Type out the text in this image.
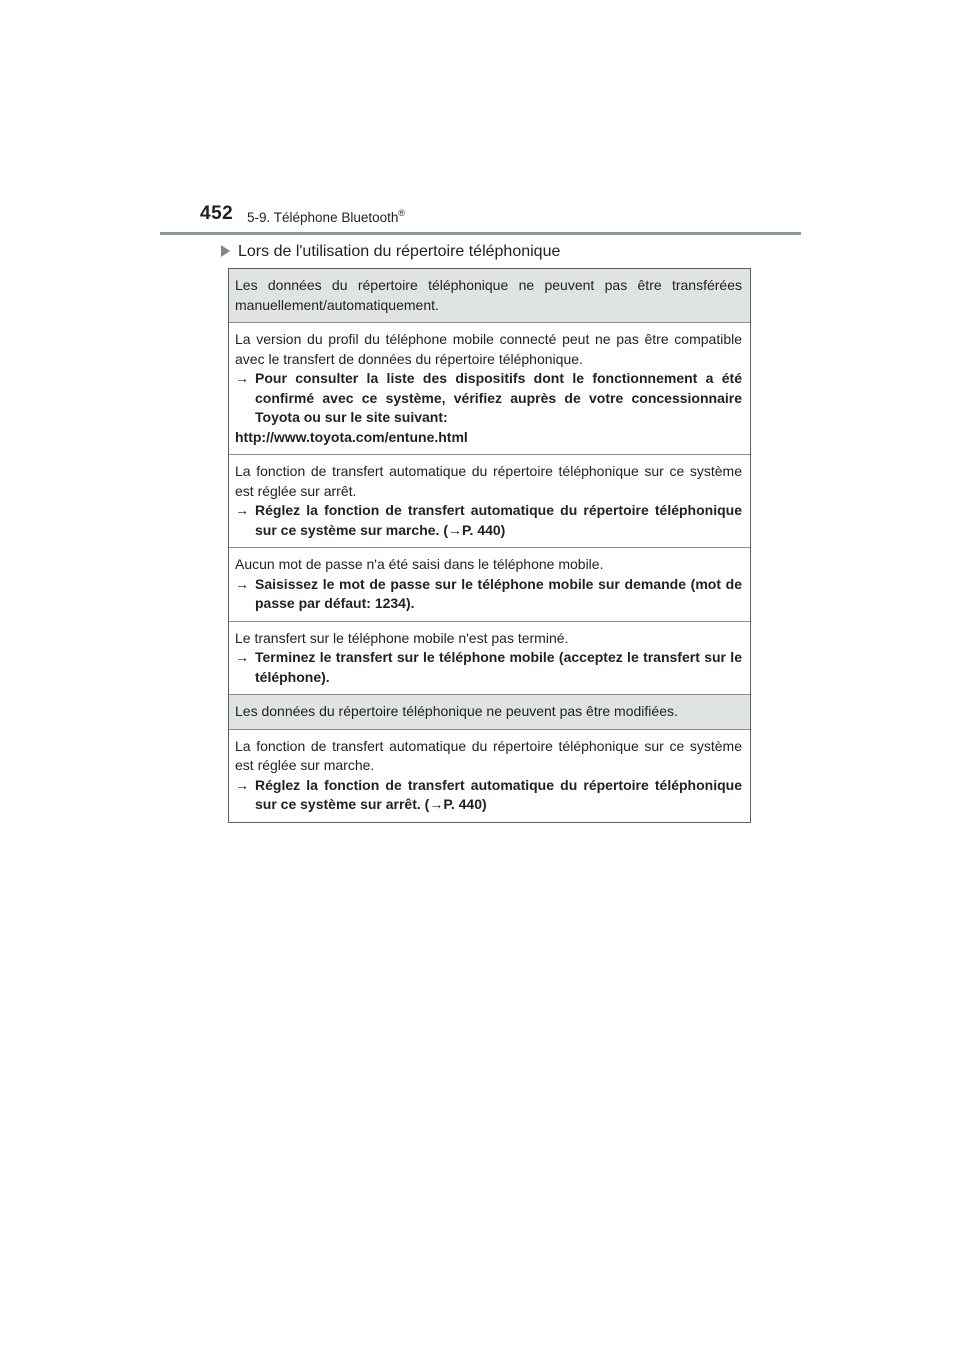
452 5-9. Téléphone Bluetooth®
Lors de l'utilisation du répertoire téléphonique

Les données du répertoire téléphonique ne peuvent pas être transférées manuellement/automatiquement.

La version du profil du téléphone mobile connecté peut ne pas être compatible avec le transfert de données du répertoire téléphonique.

→ Pour consulter la liste des dispositifs dont le fonctionnement a été confirmé avec ce système, vérifiez auprès de votre concessionnaire Toyota ou sur le site suivant:
http://www.toyota.com/entune.html

La fonction de transfert automatique du répertoire téléphonique sur ce système est réglée sur arrêt.

→ Réglez la fonction de transfert automatique du répertoire téléphonique sur ce système sur marche. (→P. 440)

Aucun mot de passe n'a été saisi dans le téléphone mobile.

→ Saisissez le mot de passe sur le téléphone mobile sur demande (mot de passe par défaut: 1234).

Le transfert sur le téléphone mobile n'est pas terminé.

→ Terminez le transfert sur le téléphone mobile (acceptez le transfert sur le téléphone).

Les données du répertoire téléphonique ne peuvent pas être modifiées.

La fonction de transfert automatique du répertoire téléphonique sur ce système est réglée sur marche.

→ Réglez la fonction de transfert automatique du répertoire téléphonique sur ce système sur arrêt. (→P. 440)
